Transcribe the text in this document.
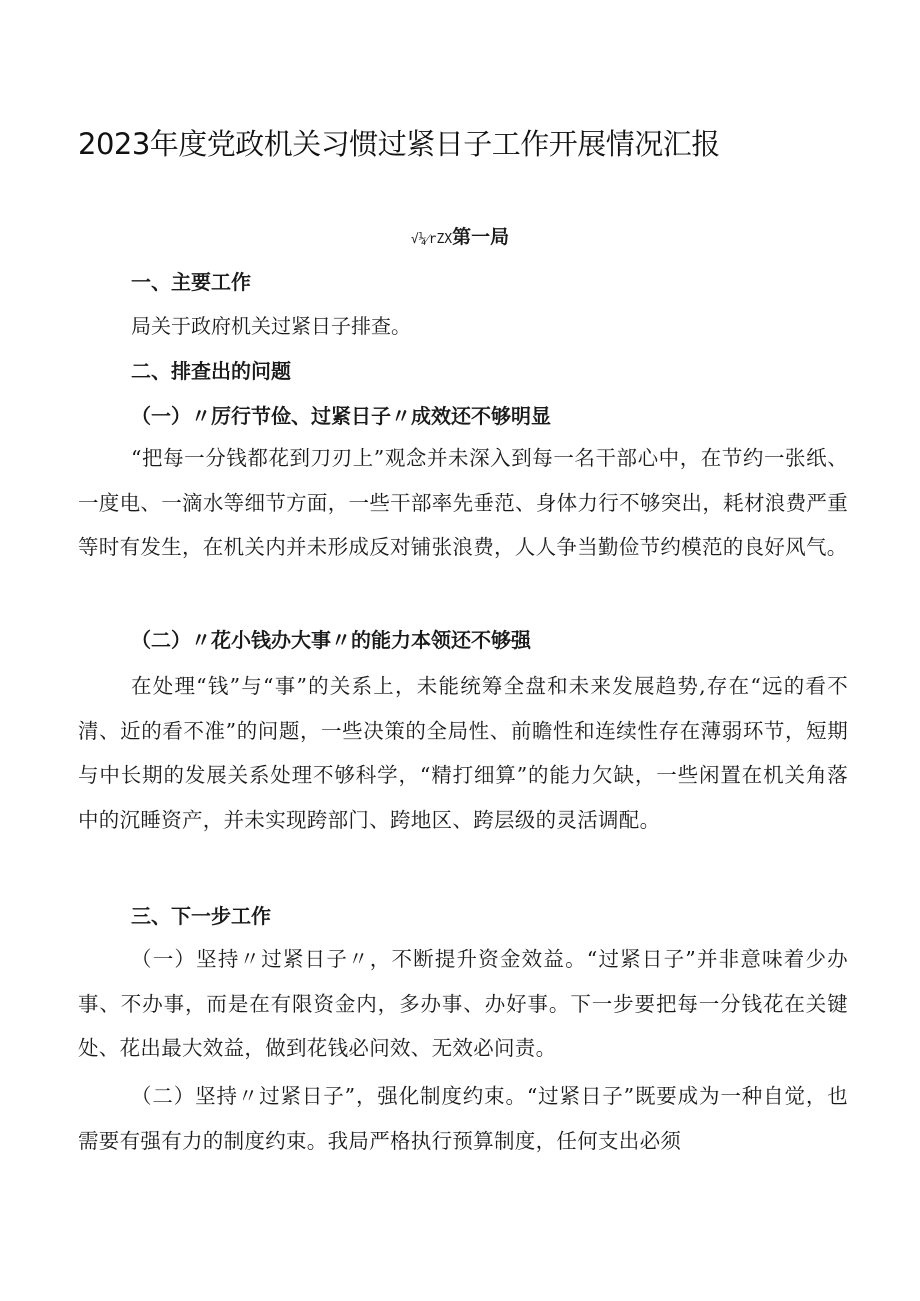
2023年度党政机关习惯过紧日子工作开展情况汇报
√¼⁄rZX第一局
一、主要工作
局关于政府机关过紧日子排查。
二、排查出的问题
（一）〃厉行节俭、过紧日子〃成效还不够明显
“把每一分钱都花到刀刃上”观念并未深入到每一名干部心中，在节约一张纸、一度电、一滴水等细节方面，一些干部率先垂范、身体力行不够突出，耗材浪费严重等时有发生，在机关内并未形成反对铺张浪费，人人争当勤俭节约模范的良好风气。
（二）〃花小钱办大事〃的能力本领还不够强
在处理“钱”与“事”的关系上，未能统筹全盘和未来发展趋势,存在“远的看不清、近的看不准”的问题，一些决策的全局性、前瞻性和连续性存在薄弱环节，短期与中长期的发展关系处理不够科学，“精打细算”的能力欠缺，一些闲置在机关角落中的沉睡资产，并未实现跨部门、跨地区、跨层级的灵活调配。
三、下一步工作
（一）坚持〃过紧日子〃，不断提升资金效益。“过紧日子”并非意味着少办事、不办事，而是在有限资金内，多办事、办好事。下一步要把每一分钱花在关键处、花出最大效益，做到花钱必问效、无效必问责。
（二）坚持〃过紧日子”，强化制度约束。“过紧日子”既要成为一种自觉，也需要有强有力的制度约束。我局严格执行预算制度，任何支出必须
